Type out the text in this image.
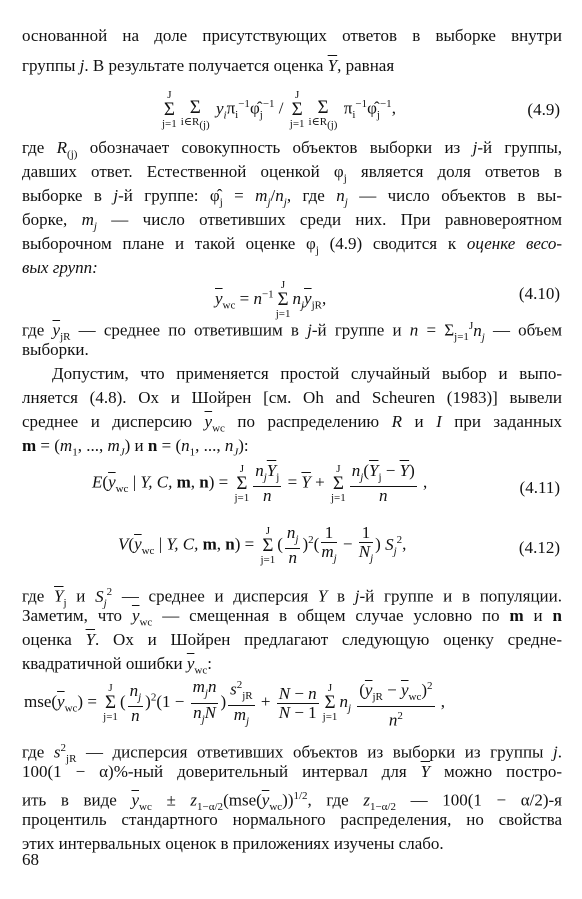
основанной на доле присутствующих ответов в выборке внутри
группы j. В результате получается оценка $\overline{Y}$, равная
J
Σ
j=1
Σ
$i\in R_{(j)}$ $y_i\pi_i^{-1}\varphî_j^{-1}$ / J
Σ
j=1
Σ
$i\in R_{(j)}$ $\pi_i^{-1}\varphî_j^{-1}$,	(4.9)
где $R_{(j)}$ обозначает совокупность объектов выборки из j-й группы,
давших ответ. Естественной оценкой $\varphi_j$ является доля ответов в
выборке в j-й группе: $\varphî_j = m_j/n_j$, где $n_j$ — число объектов в вы-
борке, $m_j$ — число ответивших среди них. При равновероятном
выборочном плане и такой оценке $\varphi_j$ (4.9) сводится к оценке весо-
вых групп:
$\overline{y}_{wc} = n^{-1}J$
Σ
$j=1n_j\overline{y}_{jR}$,	(4.10)
где $\overline{y}_{jR}$ — среднее по ответившим в j-й группе и $n = \Sigma_{j=1}^Jn_j$ — объем
выборки.
Допустим, что применяется простой случайный выбор и выпо-
лняется (4.8). Ох и Шойрен [см. Oh and Scheuren (1983)] вывели
среднее и дисперсию $\overline{y}_{wc}$ по распределению R и I при заданных
$m = (m_1$, ..., $m_J$) и $n = (n_1$, ..., $n_J$):
$E(\overline{y}_{wc}$ | Y, C, m, n) = J
Σ
$j=1 \frac{n_j\overline{Y}_j}{n} = \overline{Y} + J$
Σ
$j=1 \frac{n_j(\overline{Y}_j - \overline{Y})}{n}$ ,	(4.11)
$V(\overline{y}_{wc}$ | Y, C, m, n) = J
Σ
$j=1( \frac{n_j}{n} )^2( \frac{1}{m_j} - \frac{1}{N_j}$ ) $S_j^2$,	(4.12)
где $\overline{Y}_j$ и $S_j^2$ — среднее и дисперсия Y в j-й группе и в популяции.
Заметим, что $\overline{y}_{wc}$ — смещенная в общем случае условно по m и n
оценка $\overline{Y}$. Ох и Шойрен предлагают следующую оценку средне-
квадратичной ошибки $\overline{y}_{wc}$:
$mse(\overline{y}_{wc}) = J$
Σ
$j=1( \frac{n_j}{n} )^2(1 - \frac{m_jn}{n_jN}$ ) $\frac{s^2_{jR}}{m_j} + \frac{N - n}{N - 1}$ J
Σ
$j=1n_j \frac{(\overline{y}_{jR} - \overline{y}_{wc})^2}{n^2}$ ,
где $s^2_{jR}$ — дисперсия ответивших объектов из выборки из группы j.
100(1 − α)%-ный доверительный интервал для $\overline{Y}$ можно постро-
ить в виде $\overline{y}_{wc} \pm z_{1-\alpha/2}(mse(\overline{y}_{wc}))^{1/2}$, где $z_{1-\alpha/2}$ — 100(1 − α/2)-я
процентиль стандартного нормального распределения, но свойства
этих интервальных оценок в приложениях изучены слабо.
68
